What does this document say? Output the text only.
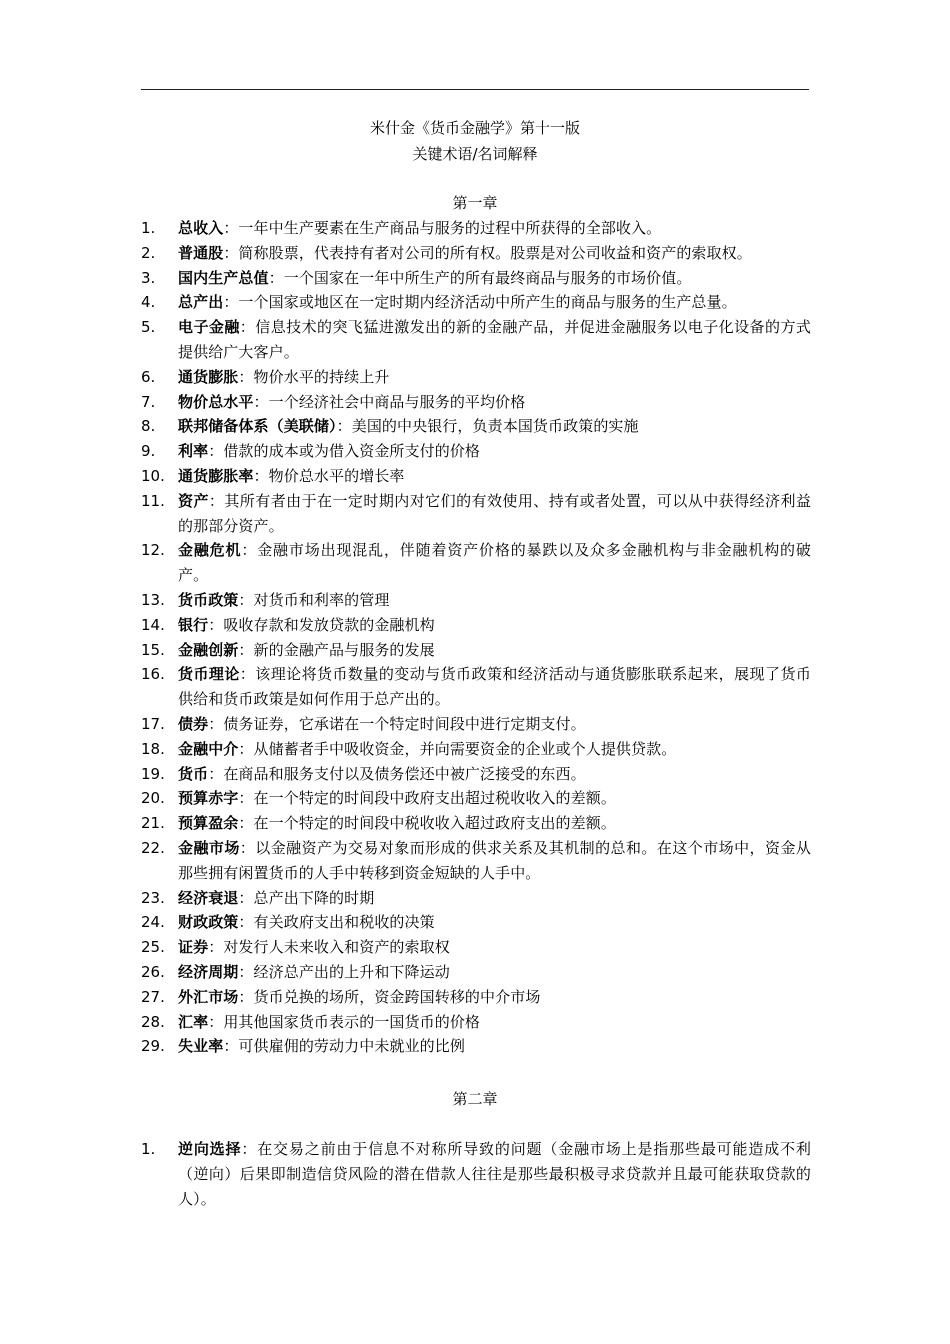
米什金《货币金融学》第十一版
关键术语/名词解释
第一章
1.	总收入：一年中生产要素在生产商品与服务的过程中所获得的全部收入。
2.	普通股：简称股票，代表持有者对公司的所有权。股票是对公司收益和资产的索取权。
3.	国内生产总值：一个国家在一年中所生产的所有最终商品与服务的市场价值。
4.	总产出：一个国家或地区在一定时期内经济活动中所产生的商品与服务的生产总量。
5.	电子金融：信息技术的突飞猛进激发出的新的金融产品，并促进金融服务以电子化设备的方式提供给广大客户。
6.	通货膨胀：物价水平的持续上升
7.	物价总水平：一个经济社会中商品与服务的平均价格
8.	联邦储备体系（美联储）：美国的中央银行，负责本国货币政策的实施
9.	利率：借款的成本或为借入资金所支付的价格
10. 通货膨胀率：物价总水平的增长率
11. 资产：其所有者由于在一定时期内对它们的有效使用、持有或者处置，可以从中获得经济利益的那部分资产。
12. 金融危机：金融市场出现混乱，伴随着资产价格的暴跌以及众多金融机构与非金融机构的破产。
13. 货币政策：对货币和利率的管理
14. 银行：吸收存款和发放贷款的金融机构
15. 金融创新：新的金融产品与服务的发展
16. 货币理论：该理论将货币数量的变动与货币政策和经济活动与通货膨胀联系起来，展现了货币供给和货币政策是如何作用于总产出的。
17. 债券：债务证券，它承诺在一个特定时间段中进行定期支付。
18. 金融中介：从储蓄者手中吸收资金，并向需要资金的企业或个人提供贷款。
19. 货币：在商品和服务支付以及债务偿还中被广泛接受的东西。
20. 预算赤字：在一个特定的时间段中政府支出超过税收收入的差额。
21. 预算盈余：在一个特定的时间段中税收收入超过政府支出的差额。
22. 金融市场：以金融资产为交易对象而形成的供求关系及其机制的总和。在这个市场中，资金从那些拥有闲置货币的人手中转移到资金短缺的人手中。
23. 经济衰退：总产出下降的时期
24. 财政政策：有关政府支出和税收的决策
25. 证券：对发行人未来收入和资产的索取权
26. 经济周期：经济总产出的上升和下降运动
27. 外汇市场：货币兑换的场所，资金跨国转移的中介市场
28. 汇率：用其他国家货币表示的一国货币的价格
29. 失业率：可供雇佣的劳动力中未就业的比例
第二章
1.	逆向选择：在交易之前由于信息不对称所导致的问题（金融市场上是指那些最可能造成不利（逆向）后果即制造信贷风险的潜在借款人往往是那些最积极寻求贷款并且最可能获取贷款的人）。
